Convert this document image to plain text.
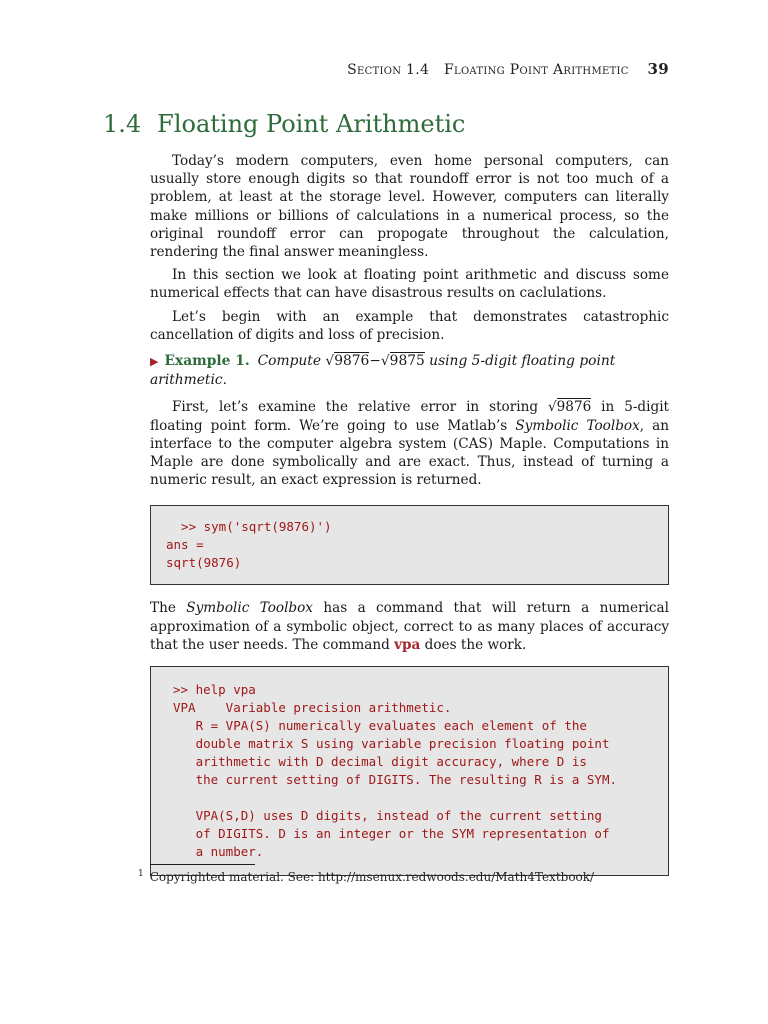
Section 1.4 Floating Point Arithmetic 39
1.4 Floating Point Arithmetic

Today’s modern computers, even home personal computers, can usually store enough digits so that roundoff error is not too much of a problem, at least at the storage level. However, computers can literally make millions or billions of calculations in a numerical process, so the original roundoff error can propogate throughout the calculation, rendering the final answer meaningless.

In this section we look at floating point arithmetic and discuss some numerical effects that can have disastrous results on caclulations.

Let’s begin with an example that demonstrates catastrophic cancellation of digits and loss of precision.

▶ Example 1. Compute √9876−√9875 using 5-digit floating point arithmetic.

First, let’s examine the relative error in storing √9876 in 5-digit floating point form. We’re going to use Matlab’s Symbolic Toolbox, an interface to the computer algebra system (CAS) Maple. Computations in Maple are done symbolically and are exact. Thus, instead of turning a numeric result, an exact expression is returned.

>> sym('sqrt(9876)')
ans =
sqrt(9876)

The Symbolic Toolbox has a command that will return a numerical approximation of a symbolic object, correct to as many places of accuracy that the user needs. The command vpa does the work.

>> help vpa
VPA    Variable precision arithmetic.
R = VPA(S) numerically evaluates each element of the
double matrix S using variable precision floating point
arithmetic with D decimal digit accuracy, where D is
the current setting of DIGITS. The resulting R is a SYM.

VPA(S,D) uses D digits, instead of the current setting
of DIGITS. D is an integer or the SYM representation of
a number.
$^1$ Copyrighted material. See: http://msenux.redwoods.edu/Math4Textbook/
